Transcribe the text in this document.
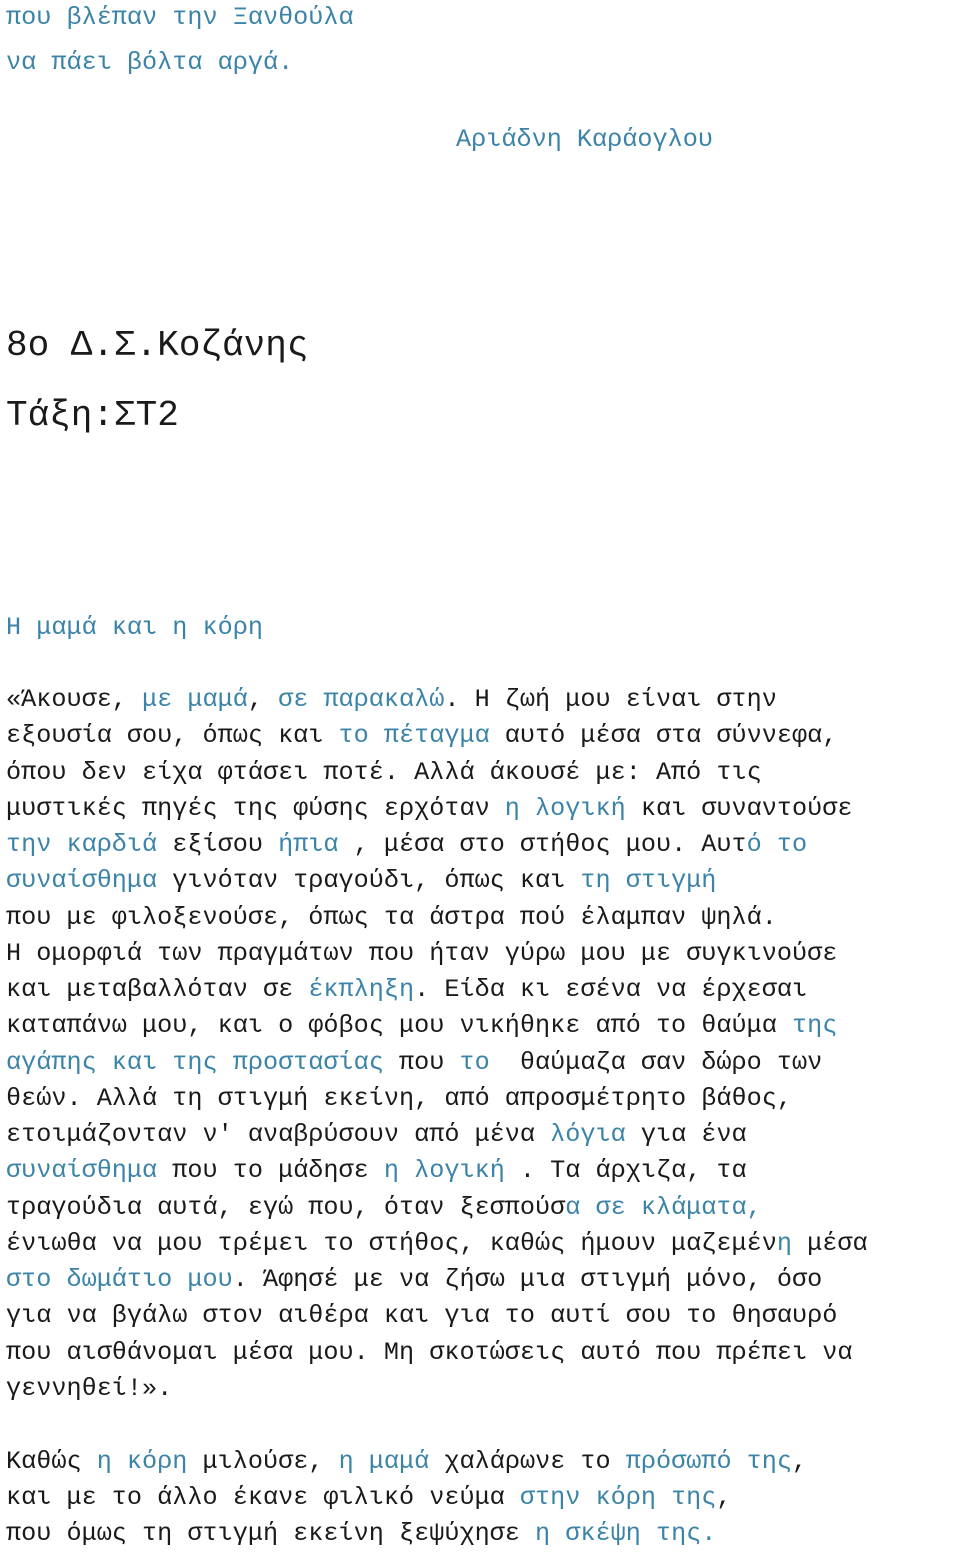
που βλέπαν την Ξανθούλα
να πάει βόλτα αργά.
Αριάδνη Καράογλου
8ο Δ.Σ.Κοζάνης
Τάξη:ΣΤ2
Η μαμά και η κόρη
«Άκουσε, με μαμά, σε παρακαλώ. Η ζωή μου είναι στην
εξουσία σου, όπως και το πέταγμα αυτό μέσα στα σύννεφα,
όπου δεν είχα φτάσει ποτέ. Αλλά άκουσέ με: Από τις
μυστικές πηγές της φύσης ερχόταν η λογική και συναντούσε
την καρδιά εξίσου ήπια , μέσα στο στήθος μου. Αυτό το
συναίσθημα γινόταν τραγούδι, όπως και τη στιγμή
που με φιλοξενούσε, όπως τα άστρα πού έλαμπαν ψηλά.
Η ομορφιά των πραγμάτων που ήταν γύρω μου με συγκινούσε
και μεταβαλλόταν σε έκπληξη. Είδα κι εσένα να έρχεσαι
καταπάνω μου, και ο φόβος μου νικήθηκε από το θαύμα της
αγάπης και της προστασίας που το  θαύμαζα σαν δώρο των
θεών. Αλλά τη στιγμή εκείνη, από απροσμέτρητο βάθος,
ετοιμάζονταν ν' αναβρύσουν από μένα λόγια για ένα
συναίσθημα που το μάδησε η λογική . Τα άρχιζα, τα
τραγούδια αυτά, εγώ που, όταν ξεσπούσα σε κλάματα,
ένιωθα να μου τρέμει το στήθος, καθώς ήμουν μαζεμένη μέσα
στο δωμάτιο μου. Άφησέ με να ζήσω μια στιγμή μόνο, όσο
για να βγάλω στον αιθέρα και για το αυτί σου το θησαυρό
που αισθάνομαι μέσα μου. Μη σκοτώσεις αυτό που πρέπει να
γεννηθεί!».
Καθώς η κόρη μιλούσε, η μαμά χαλάρωνε το πρόσωπό της,
και με το άλλο έκανε φιλικό νεύμα στην κόρη της,
που όμως τη στιγμή εκείνη ξεψύχησε η σκέψη της.
